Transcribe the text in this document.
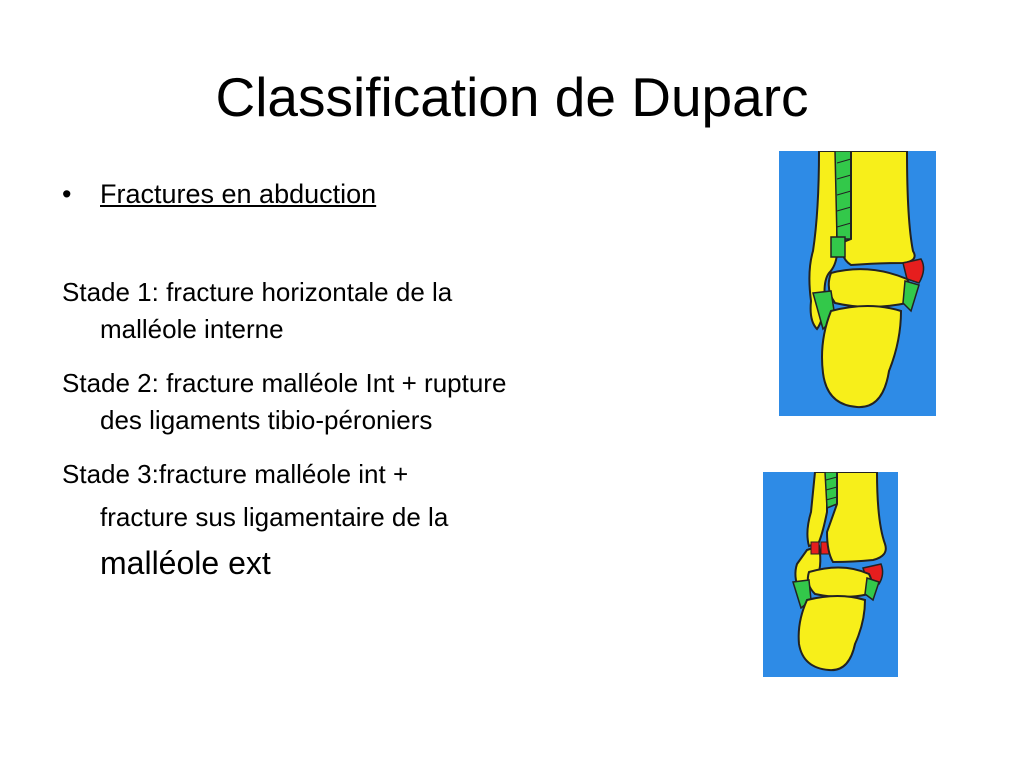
Classification de Duparc
• Fractures en abduction
Stade 1: fracture horizontale de la
malléole interne
Stade 2: fracture malléole Int + rupture
des ligaments tibio-péroniers
Stade 3:fracture malléole int +
fracture sus ligamentaire de la
malléole ext
